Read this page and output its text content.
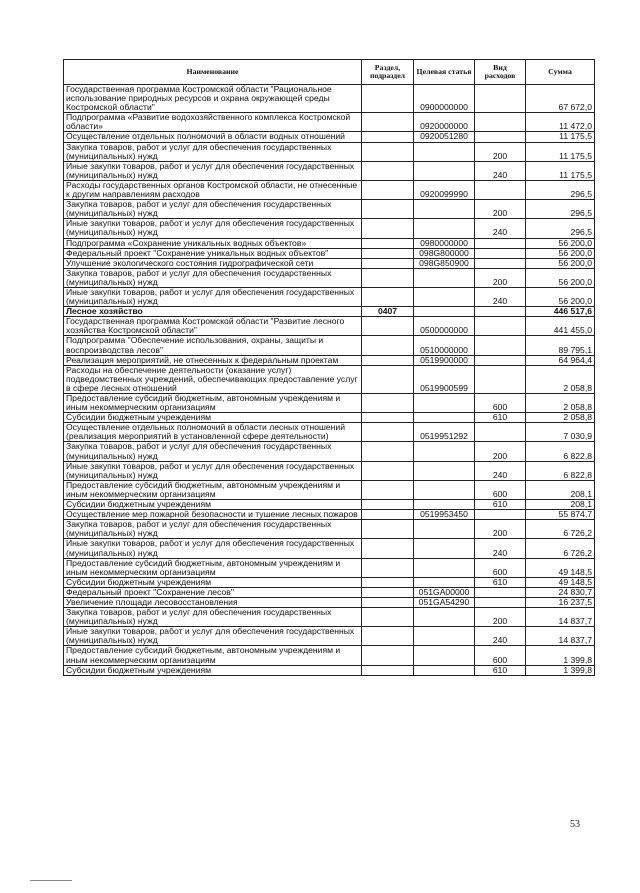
Наименование	Раздел, подраздел	Целевая статья	Вид расходов	Сумма
Государственная программа Костромской области "Рациональное использование природных ресурсов и охрана окружающей среды Костромской области"		0900000000		67 672,0
Подпрограмма «Развитие водохозяйственного комплекса Костромской области»		0920000000		11 472,0
Осуществление отдельных полномочий в области водных отношений		0920051280		11 175,5
Закупка товаров, работ и услуг для обеспечения государственных (муниципальных) нужд			200	11 175,5
Иные закупки товаров, работ и услуг для обеспечения государственных (муниципальных) нужд			240	11 175,5
Расходы государственных органов Костромской области, не отнесенные к другим направлениям расходов		0920099990		296,5
Закупка товаров, работ и услуг для обеспечения государственных (муниципальных) нужд			200	296,5
Иные закупки товаров, работ и услуг для обеспечения государственных (муниципальных) нужд			240	296,5
Подпрограмма «Сохранение уникальных водных объектов»		0980000000		56 200,0
Федеральный проект "Сохранение уникальных водных объектов"		098G800000		56 200,0
Улучшение экологического состояния гидрографической сети		098G850900		56 200,0
Закупка товаров, работ и услуг для обеспечения государственных (муниципальных) нужд			200	56 200,0
Иные закупки товаров, работ и услуг для обеспечения государственных (муниципальных) нужд			240	56 200,0
Лесное хозяйство	0407			446 517,6
Государственная программа Костромской области "Развитие лесного хозяйства Костромской области"		0500000000		441 455,0
Подпрограмма "Обеспечение использования, охраны, защиты и воспроизводства лесов"		0510000000		89 795,1
Реализация мероприятий, не отнесенных к федеральным проектам		0519900000		64 964,4
Расходы на обеспечение деятельности (оказание услуг) подведомственных учреждений, обеспечивающих предоставление услуг в сфере лесных отношений		0519900599		2 058,8
Предоставление субсидий бюджетным, автономным учреждениям и иным некоммерческим организациям			600	2 058,8
Субсидии бюджетным учреждениям			610	2 058,8
Осуществление отдельных полномочий в области лесных отношений (реализация мероприятий в установленной сфере деятельности)		0519951292		7 030,9
Закупка товаров, работ и услуг для обеспечения государственных (муниципальных) нужд			200	6 822,8
Иные закупки товаров, работ и услуг для обеспечения государственных (муниципальных) нужд			240	6 822,8
Предоставление субсидий бюджетным, автономным учреждениям и иным некоммерческим организациям			600	208,1
Субсидии бюджетным учреждениям			610	208,1
Осуществление мер пожарной безопасности и тушение лесных пожаров		0519953450		55 874,7
Закупка товаров, работ и услуг для обеспечения государственных (муниципальных) нужд			200	6 726,2
Иные закупки товаров, работ и услуг для обеспечения государственных (муниципальных) нужд			240	6 726,2
Предоставление субсидий бюджетным, автономным учреждениям и иным некоммерческим организациям			600	49 148,5
Субсидии бюджетным учреждениям			610	49 148,5
Федеральный проект "Сохранение лесов"		051GA00000		24 830,7
Увеличение площади лесовосстановления		051GA54290		16 237,5
Закупка товаров, работ и услуг для обеспечения государственных (муниципальных) нужд			200	14 837,7
Иные закупки товаров, работ и услуг для обеспечения государственных (муниципальных) нужд			240	14 837,7
Предоставление субсидий бюджетным, автономным учреждениям и иным некоммерческим организациям			600	1 399,8
Субсидии бюджетным учреждениям			610	1 399,8
53
